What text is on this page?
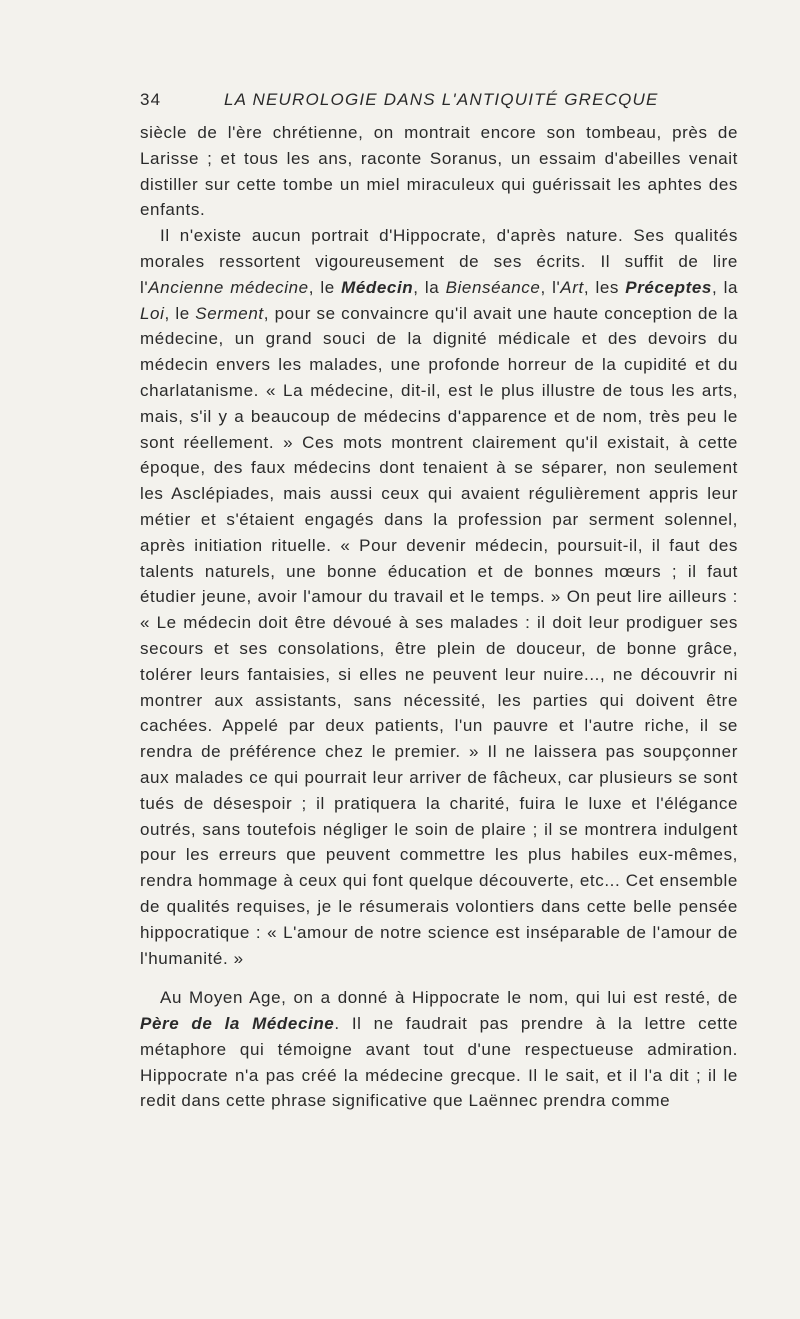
34	LA NEUROLOGIE DANS L'ANTIQUITÉ GRECQUE

siècle de l'ère chrétienne, on montrait encore son tombeau, près de Larisse ; et tous les ans, raconte Soranus, un essaim d'abeilles venait distiller sur cette tombe un miel miraculeux qui guérissait les aphtes des enfants.

Il n'existe aucun portrait d'Hippocrate, d'après nature. Ses qualités morales ressortent vigoureusement de ses écrits. Il suffit de lire l'Ancienne médecine, le Médecin, la Bienséance, l'Art, les Préceptes, la Loi, le Serment, pour se convaincre qu'il avait une haute conception de la médecine, un grand souci de la dignité médicale et des devoirs du médecin envers les malades, une profonde horreur de la cupidité et du charlatanisme. « La médecine, dit-il, est le plus illustre de tous les arts, mais, s'il y a beaucoup de médecins d'apparence et de nom, très peu le sont réellement. » Ces mots montrent clairement qu'il existait, à cette époque, des faux médecins dont tenaient à se séparer, non seulement les Asclépiades, mais aussi ceux qui avaient régulièrement appris leur métier et s'étaient engagés dans la profession par serment solennel, après initiation rituelle. « Pour devenir médecin, poursuit-il, il faut des talents naturels, une bonne éducation et de bonnes mœurs ; il faut étudier jeune, avoir l'amour du travail et le temps. » On peut lire ailleurs : « Le médecin doit être dévoué à ses malades : il doit leur prodiguer ses secours et ses consolations, être plein de douceur, de bonne grâce, tolérer leurs fantaisies, si elles ne peuvent leur nuire..., ne découvrir ni montrer aux assistants, sans nécessité, les parties qui doivent être cachées. Appelé par deux patients, l'un pauvre et l'autre riche, il se rendra de préférence chez le premier. » Il ne laissera pas soupçonner aux malades ce qui pourrait leur arriver de fâcheux, car plusieurs se sont tués de désespoir ; il pratiquera la charité, fuira le luxe et l'élégance outrés, sans toutefois négliger le soin de plaire ; il se montrera indulgent pour les erreurs que peuvent commettre les plus habiles eux-mêmes, rendra hommage à ceux qui font quelque découverte, etc... Cet ensemble de qualités requises, je le résumerais volontiers dans cette belle pensée hippocratique : « L'amour de notre science est inséparable de l'amour de l'humanité. »

Au Moyen Age, on a donné à Hippocrate le nom, qui lui est resté, de Père de la Médecine. Il ne faudrait pas prendre à la lettre cette métaphore qui témoigne avant tout d'une respectueuse admiration. Hippocrate n'a pas créé la médecine grecque. Il le sait, et il l'a dit ; il le redit dans cette phrase significative que Laënnec prendra comme
